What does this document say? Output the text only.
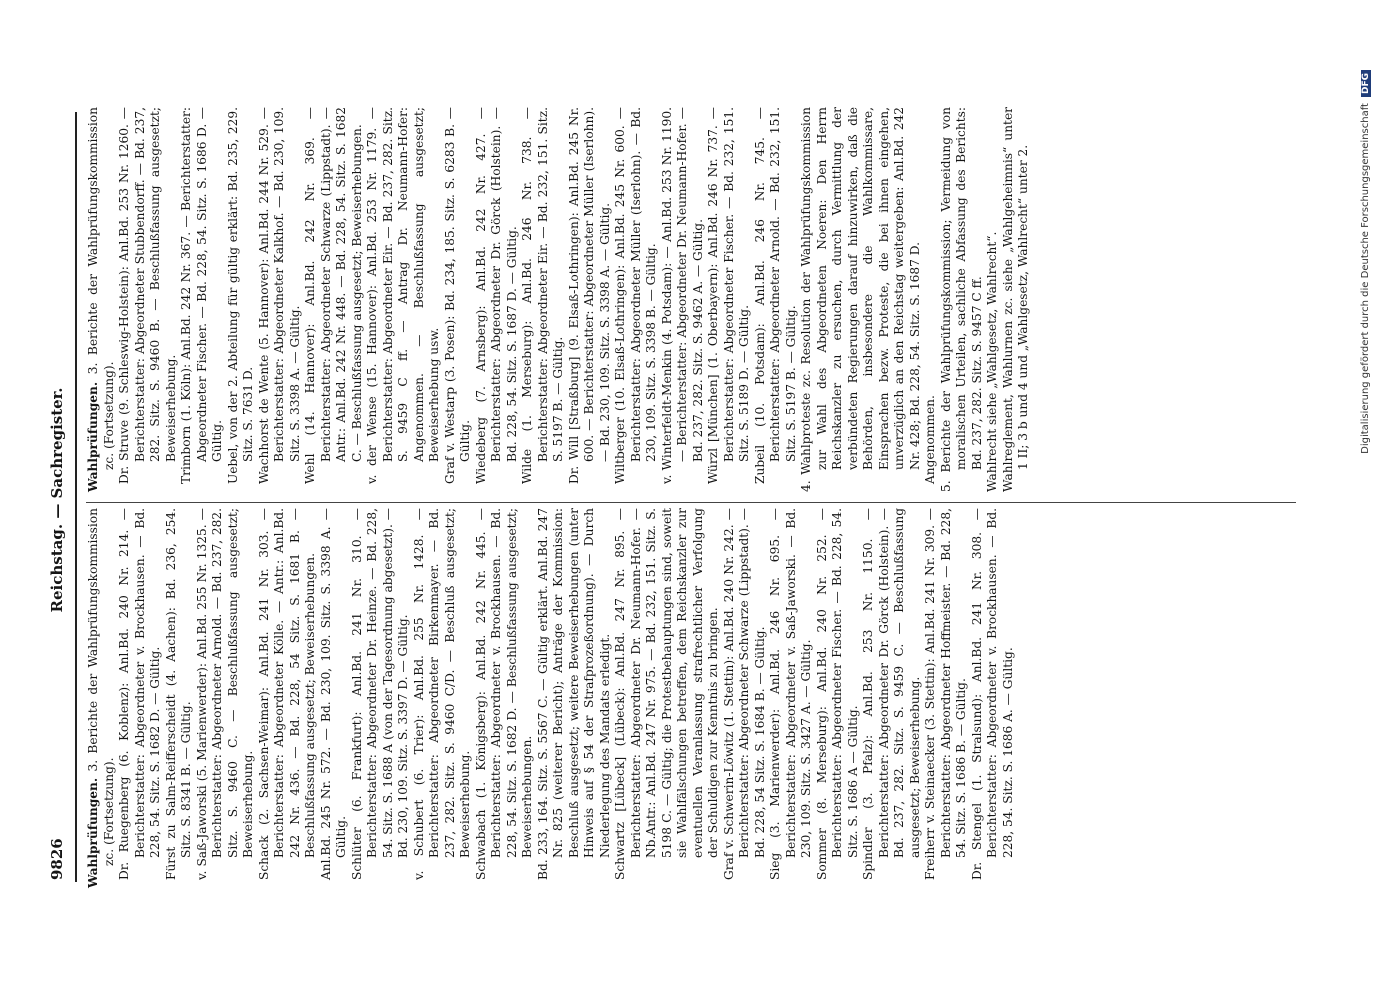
9826
Reichstag. — Sachregister.

Wahlprüfungen. 3. Berichte der Wahlprüfungskommission zc. (Fortsetzung). Dr. Ruegenberg (6. Koblenz): Anl.Bd. 240 Nr. 214. — Berichterstatter: Abgeordneter v. Brockhausen. — Bd. 228, 54. Sitz. S. 1682 D. — Gültig. Fürst zu Salm-Reifferscheidt (4. Aachen): Bd. 236, 254. Sitz. S. 8341 B. — Gültig. v. Saß-Jaworski (5. Marienwerder): Anl.Bd. 255 Nr. 1325. — Berichterstatter: Abgeordneter Arnold. — Bd. 237, 282. Sitz. S. 9460 C. — Beschlußfassung ausgesetzt; Beweiserhebung. Schack (2. Sachsen-Weimar): Anl.Bd. 241 Nr. 303. — Berichterstatter: Abgeordneter Kölle. — Antr.: Anl.Bd. 242 Nr. 436. — Bd. 228, 54 Sitz. S. 1681 B. — Beschlußfassung ausgesetzt; Beweiserhebungen. Anl.Bd. 245 Nr. 572. — Bd. 230, 109. Sitz. S. 3398 A. — Gültig. Schlüter (6. Frankfurt): Anl.Bd. 241 Nr. 310. — Berichterstatter: Abgeordneter Dr. Heinze. — Bd. 228, 54. Sitz. S. 1688 A (von der Tagesordnung abgesetzt). — Bd. 230, 109. Sitz. S. 3397 D. — Gültig. v. Schubert (6. Trier): Anl.Bd. 255 Nr. 1428. — Berichterstatter: Abgeordneter Birkenmayer. — Bd. 237, 282. Sitz. S. 9460 C/D. — Beschluß ausgesetzt; Beweiserhebung. Schwabach (1. Königsberg): Anl.Bd. 242 Nr. 445. — Berichterstatter: Abgeordneter v. Brockhausen. — Bd. 228, 54. Sitz. S. 1682 D. — Beschlußfassung ausgesetzt; Beweiserhebungen. Bd. 233, 164. Sitz. S. 5567 C. — Gültig erklärt. Anl.Bd. 247 Nr. 825 (weiterer Bericht); Anträge der Kommission: Beschluß ausgesetzt; weitere Beweiserhebungen (unter Hinweis auf § 54 der Strafprozeßordnung). — Durch Niederlegung des Mandats erledigt. Schwartz [Lübeck] (Lübeck): Anl.Bd. 247 Nr. 895. — Berichterstatter: Abgeordneter Dr. Neumann-Hofer. — Nb.Antr.: Anl.Bd. 247 Nr. 975. — Bd. 232, 151. Sitz. S. 5198 C. — Gültig; die Protestbehauptungen sind, soweit sie Wahlfälschungen betreffen, dem Reichskanzler zur eventuellen Veranlassung strafrechtlicher Verfolgung der Schuldigen zur Kenntnis zu bringen. Graf v. Schwerin-Löwitz (1. Stettin): Anl.Bd. 240 Nr. 242. — Berichterstatter: Abgeordneter Schwarze (Lippstadt). — Bd. 228, 54 Sitz. S. 1684 B. — Gültig. Sieg (3. Marienwerder): Anl.Bd. 246 Nr. 695. — Berichterstatter: Abgeordneter v. Saß-Jaworski. — Bd. 230, 109. Sitz. S. 3427 A. — Gültig. Sommer (8. Merseburg): Anl.Bd. 240 Nr. 252. — Berichterstatter: Abgeordneter Fischer. — Bd. 228, 54. Sitz. S. 1686 A — Gültig. Spindler (3. Pfalz): Anl.Bd. 253 Nr. 1150. — Berichterstatter: Abgeordneter Dr. Görck (Holstein). — Bd. 237, 282. Sitz. S. 9459 C. — Beschlußfassung ausgesetzt; Beweiserhebung. Freiherr v. Steinaecker (3. Stettin): Anl.Bd. 241 Nr. 309. — Berichterstatter: Abgeordneter Hoffmeister. — Bd. 228, 54. Sitz. S. 1686 B. — Gültig. Dr. Stengel (1. Stralsund): Anl.Bd. 241 Nr. 308. — Berichterstatter: Abgeordneter v. Brockhausen. — Bd. 228, 54. Sitz. S. 1686 A. — Gültig.

Wahlprüfungen. 3. Berichte der Wahlprüfungskommission zc. (Fortsetzung). Dr. Struve (9. Schleswig-Holstein): Anl.Bd. 253 Nr. 1260. — Berichterstatter: Abgeordneter Stubbendorff. — Bd. 237, 282. Sitz. S. 9460 B. — Beschlußfassung ausgesetzt; Beweiserhebung. Trimborn (1. Köln): Anl.Bd. 242 Nr. 367. — Berichterstatter: Abgeordneter Fischer. — Bd. 228, 54. Sitz. S. 1686 D. — Gültig. Uebel, von der 2. Abteilung für gültig erklärt: Bd. 235, 229. Sitz. S. 7631 D. Wachhorst de Wente (5. Hannover): Anl.Bd. 244 Nr. 529. — Berichterstatter: Abgeordneter Kalkhof. — Bd. 230, 109. Sitz. S. 3398 A. — Gültig. Wehl (14. Hannover): Anl.Bd. 242 Nr. 369. — Berichterstatter: Abgeordneter Schwarze (Lippstadt). — Antr.: Anl.Bd. 242 Nr. 448. — Bd. 228, 54. Sitz. S. 1682 C. — Beschlußfassung ausgesetzt; Beweiserhebungen. v. der Wense (15. Hannover): Anl.Bd. 253 Nr. 1179. — Berichterstatter: Abgeordneter Eir. — Bd. 237, 282. Sitz. S. 9459 C ff. — Antrag Dr. Neumann-Hofer: Angenommen. — Beschlußfassung ausgesetzt; Beweiserhebung usw. Graf v. Westarp (3. Posen): Bd. 234, 185. Sitz. S. 6283 B. — Gültig. Wiedeberg (7. Arnsberg): Anl.Bd. 242 Nr. 427. — Berichterstatter: Abgeordneter Dr. Görck (Holstein). — Bd. 228, 54. Sitz. S. 1687 D. — Gültig. Wilde (1. Merseburg): Anl.Bd. 246 Nr. 738. — Berichterstatter: Abgeordneter Eir. — Bd. 232, 151. Sitz. S. 5197 B. — Gültig. Dr. Will [Straßburg] (9. Elsaß-Lothringen): Anl.Bd. 245 Nr. 600. — Berichterstatter: Abgeordneter Müller (Iserlohn). — Bd. 230, 109. Sitz. S. 3398 A. — Gültig. Wiltberger (10. Elsaß-Lothringen): Anl.Bd. 245 Nr. 600. — Berichterstatter: Abgeordneter Müller (Iserlohn). — Bd. 230, 109. Sitz. S. 3398 B. — Gültig. v. Winterfeldt-Menkin (4. Potsdam): — Anl.Bd. 253 Nr. 1190. — Berichterstatter: Abgeordneter Dr. Neumann-Hofer. — Bd. 237, 282. Sitz. S. 9462 A. — Gültig. Würzl [München] (1. Oberbayern): Anl.Bd. 246 Nr. 737. — Berichterstatter: Abgeordneter Fischer. — Bd. 232, 151. Sitz. S. 5189 D. — Gültig. Zubeil (10. Potsdam): Anl.Bd. 246 Nr. 745. — Berichterstatter: Abgeordneter Arnold. — Bd. 232, 151. Sitz. S. 5197 B. — Gültig. 4. Wahlproteste zc. Resolution der Wahlprüfungskommission zur Wahl des Abgeordneten Noeren: Den Herrn Reichskanzler zu ersuchen, durch Vermittlung der verbündeten Regierungen darauf hinzuwirken, daß die Behörden, insbesondere die Wahlkommissare, Einsprachen bezw. Proteste, die bei ihnen eingehen, unverzüglich an den Reichstag weitergeben: Anl.Bd. 242 Nr. 428; Bd. 228, 54. Sitz. S. 1687 D. Angenommen. 5. Berichte der Wahlprüfungskommission; Vermeidung von moralischen Urteilen, sachliche Abfassung des Berichts: Bd. 237, 282. Sitz. S. 9457 C ff. Wahlrecht siehe „Wahlgesetz, Wahlrecht“. Wahlreglement, Wahlurnen zc. siehe „Wahlgeheimnis“ unter 1 II; 3 b und 4 und „Wahlgesetz, Wahlrecht“ unter 2.	Digitalisierung gefördert durch die Deutsche ForschungsgemeinschaftDFG
